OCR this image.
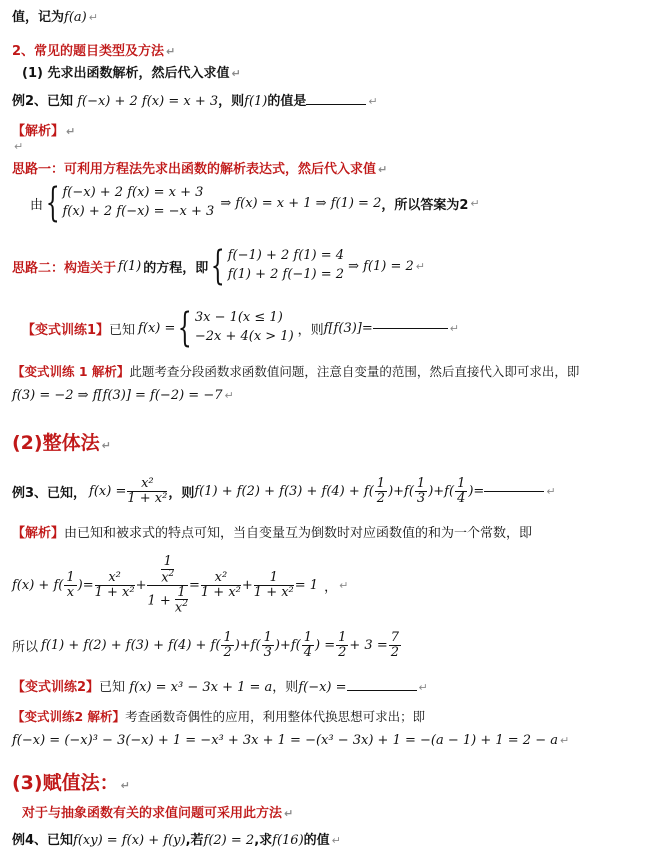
值，记为f(a) ↵
2、常见的题目类型及方法 ↵
(1) 先求出函数解析，然后代入求值 ↵
例2、已知 f(−x) + 2 f(x) = x + 3，则f(1)的值是	↵
【解析】 ↵
↵
思路一：可利用方程法先求出函数的解析表达式，然后代入求值 ↵
由 { f(−x) + 2 f(x) = x + 3
f(x) + 2 f(−x) = −x + 3
⇒ f(x) = x + 1 ⇒ f(1) = 2 ，所以答案为2 ↵
思路二：构造关于 f(1) 的方程，即 { f(−1) + 2 f(1) = 4
f(1) + 2 f(−1) = 2
⇒ f(1) = 2 ↵
【变式训练1】 已知 f(x) = { 3x − 1(x ≤ 1)
−2x + 4(x > 1) ，则 f[f(3)]=	↵
【变式训练 1 解析】此题考查分段函数求函数值问题，注意自变量的范围，然后直接代入即可求出，即
f(3) = −2 ⇒ f[f(3)] = f(−2) = −7 ↵
(2)整体法 ↵
例3、已知， $f(x) = \frac{\text{x²}}{\text{1 + x²}}$ ，则 $f(1) + f(2) + f(3) + f(4) + f( \frac{1}{2} )+f( \frac{1}{3} )+f( \frac{1}{4}$ )=	↵
【解析】由已知和被求式的特点可知，当自变量互为倒数时对应函数值的和为一个常数，即
$f(x) + f( \frac{1}{x}$ ) = $\frac{\text{x²}}{\text{1 + x²}} + \frac{\frac{1}{x^2}}{1 + \frac{1}{x^2}} = \frac{\text{x²}}{\text{1 + x²}} + \frac{1}{\text{1 + x²}} = 1$ ， ↵
所以 $f(1) + f(2) + f(3) + f(4) + f( \frac{1}{2} )+f( \frac{1}{3} )+f( \frac{1}{4}$ ) = $\frac{1}{2} + 3 = \frac{7}{2}$
【变式训练2】已知 f(x) = x³ − 3x + 1 = a，则f(−x) =	↵
【变式训练2 解析】考查函数奇偶性的应用，利用整体代换思想可求出；即
f(−x) = (−x)³ − 3(−x) + 1 = −x³ + 3x + 1 = −(x³ − 3x) + 1 = −(a − 1) + 1 = 2 − a ↵
(3)赋值法： ↵
对于与抽象函数有关的求值问题可采用此方法 ↵
例4、已知f(xy) = f(x) + f(y),若f(2) = 2,求f(16)的值 ↵
